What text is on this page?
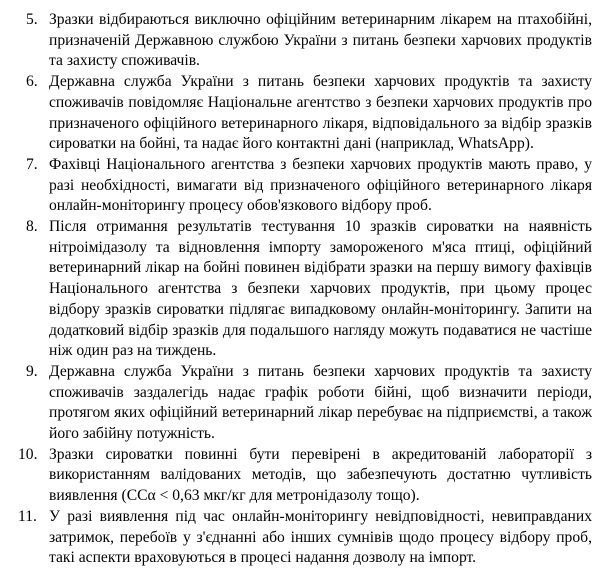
5. Зразки відбираються виключно офіційним ветеринарним лікарем на птахобійні, призначеній Державною службою України з питань безпеки харчових продуктів та захисту споживачів.
6. Державна служба України з питань безпеки харчових продуктів та захисту споживачів повідомляє Національне агентство з безпеки харчових продуктів про призначеного офіційного ветеринарного лікаря, відповідального за відбір зразків сироватки на бойні, та надає його контактні дані (наприклад, WhatsApp).
7. Фахівці Національного агентства з безпеки харчових продуктів мають право, у разі необхідності, вимагати від призначеного офіційного ветеринарного лікаря онлайн-моніторингу процесу обов'язкового відбору проб.
8. Після отримання результатів тестування 10 зразків сироватки на наявність нітроімідазолу та відновлення імпорту замороженого м'яса птиці, офіційний ветеринарний лікар на бойні повинен відібрати зразки на першу вимогу фахівців Національного агентства з безпеки харчових продуктів, при цьому процес відбору зразків сироватки підлягає випадковому онлайн-моніторингу. Запити на додатковий відбір зразків для подальшого нагляду можуть подаватися не частіше ніж один раз на тиждень.
9. Державна служба України з питань безпеки харчових продуктів та захисту споживачів заздалегідь надає графік роботи бійні, щоб визначити періоди, протягом яких офіційний ветеринарний лікар перебуває на підприємстві, а також його забійну потужність.
10. Зразки сироватки повинні бути перевірені в акредитованій лабораторії з використанням валідованих методів, що забезпечують достатню чутливість виявлення (CCα < 0,63 мкг/кг для метронідазолу тощо).
11. У разі виявлення під час онлайн-моніторингу невідповідності, невиправданих затримок, перебоїв у з'єднанні або інших сумнівів щодо процесу відбору проб, такі аспекти враховуються в процесі надання дозволу на імпорт.
